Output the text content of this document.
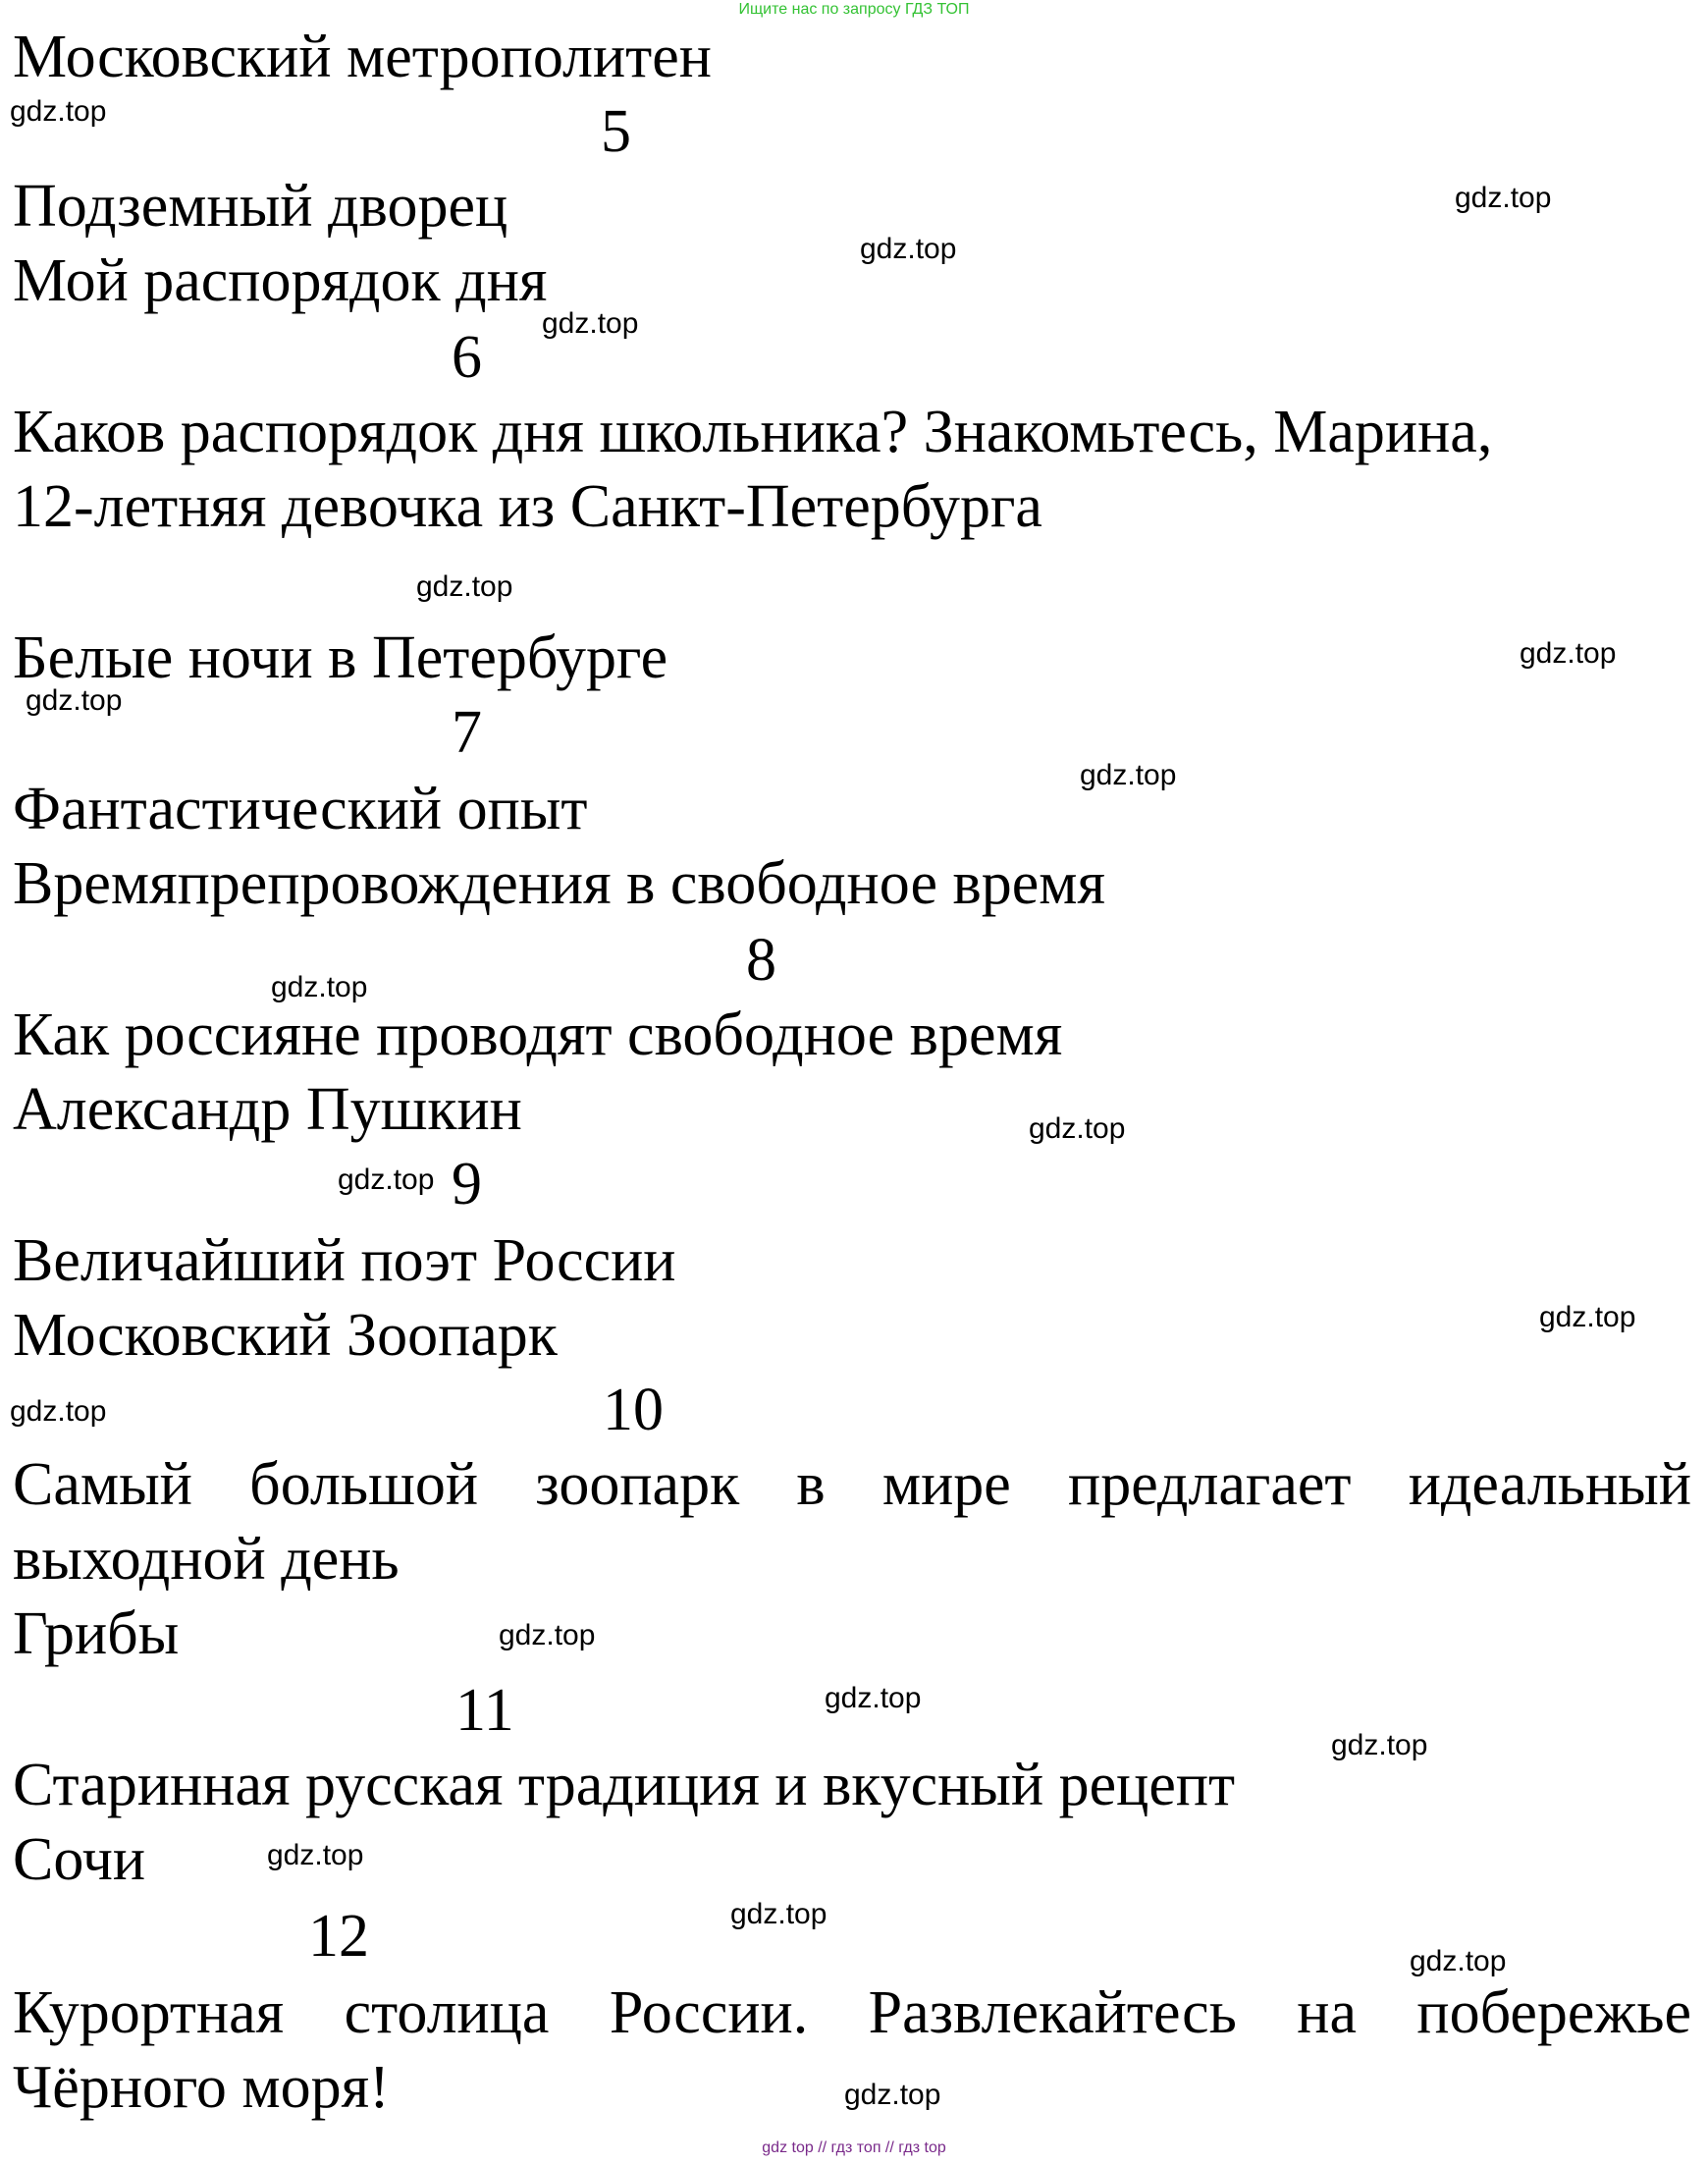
Ищите нас по запросу ГДЗ ТОП
Московский метрополитен
gdz.top	5
Подземный дворец	gdz.top
gdz.top
Мой распорядок дня
gdz.top
6
Каков распорядок дня школьника? Знакомьтесь, Марина,
12-летняя девочка из Санкт-Петербурга
gdz.top
Белые ночи в Петербурге	gdz.top
gdz.top	7
gdz.top
Фантастический опыт
Времяпрепровождения в свободное время
8
gdz.top
Как россияне проводят свободное время
Александр Пушкин	gdz.top
gdz.top 9
Величайший поэт России
Московский Зоопарк	gdz.top
gdz.top	10
Самый большой зоопарк в мире предлагает идеальный
выходной день
Грибы	gdz.top
11	gdz.top
gdz.top
Старинная русская традиция и вкусный рецепт
Сочи	gdz.top
12	gdz.top
gdz.top
Курортная столица России. Развлекайтесь на побережье
Чёрного моря!	gdz.top
gdz top // гдз топ // гдз top
